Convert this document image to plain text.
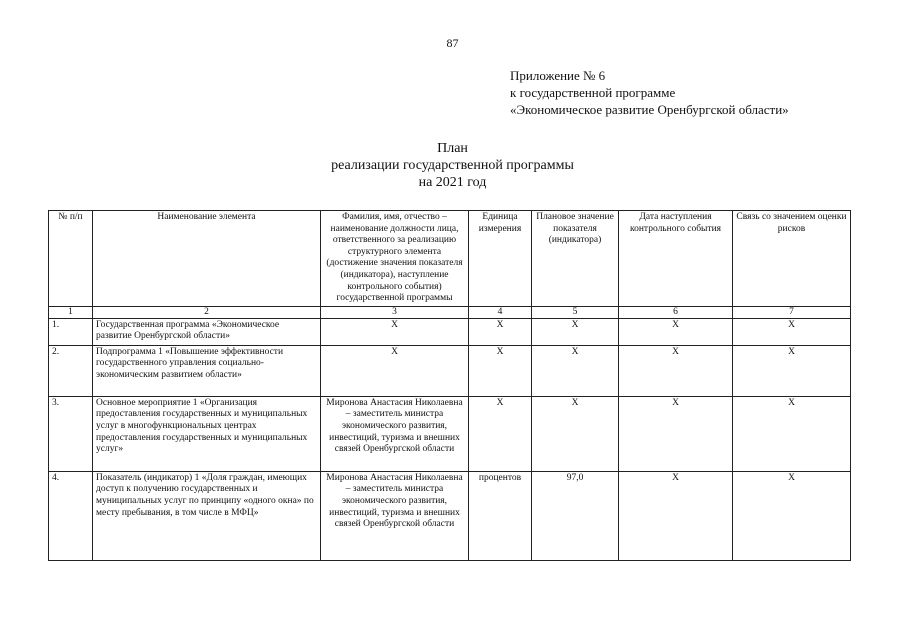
87
Приложение № 6
к государственной программе
«Экономическое развитие Оренбургской области»
План
реализации государственной программы
на 2021 год
№ п/п	Наименование элемента	Фамилия, имя, отчество – наименование должности лица, ответственного за реализацию структурного элемента (достижение значения показателя (индикатора), наступление контрольного события) государственной программы	Единица измерения	Плановое значение показателя (индикатора)	Дата наступления контрольного события	Связь со значением оценки рисков
1	2	3	4	5	6	7
1.	Государственная программа «Экономическое развитие Оренбургской области»	Х	Х	Х	Х	Х
2.	Подпрограмма 1 «Повышение эффективности государственного управления социально-экономическим развитием области»	Х	Х	Х	Х	Х
3.	Основное мероприятие 1 «Организация предоставления государственных и муниципальных услуг в многофункциональных центрах предоставления государственных и муниципальных услуг»	Миронова Анастасия Николаевна – заместитель министра экономического развития, инвестиций, туризма и внешних связей Оренбургской области	Х	Х	Х	Х
4.	Показатель (индикатор) 1 «Доля граждан, имеющих доступ к получению государственных и муниципальных услуг по принципу «одного окна» по месту пребывания, в том числе в МФЦ»	Миронова Анастасия Николаевна – заместитель министра экономического развития, инвестиций, туризма и внешних связей Оренбургской области	процентов	97,0	Х	Х
